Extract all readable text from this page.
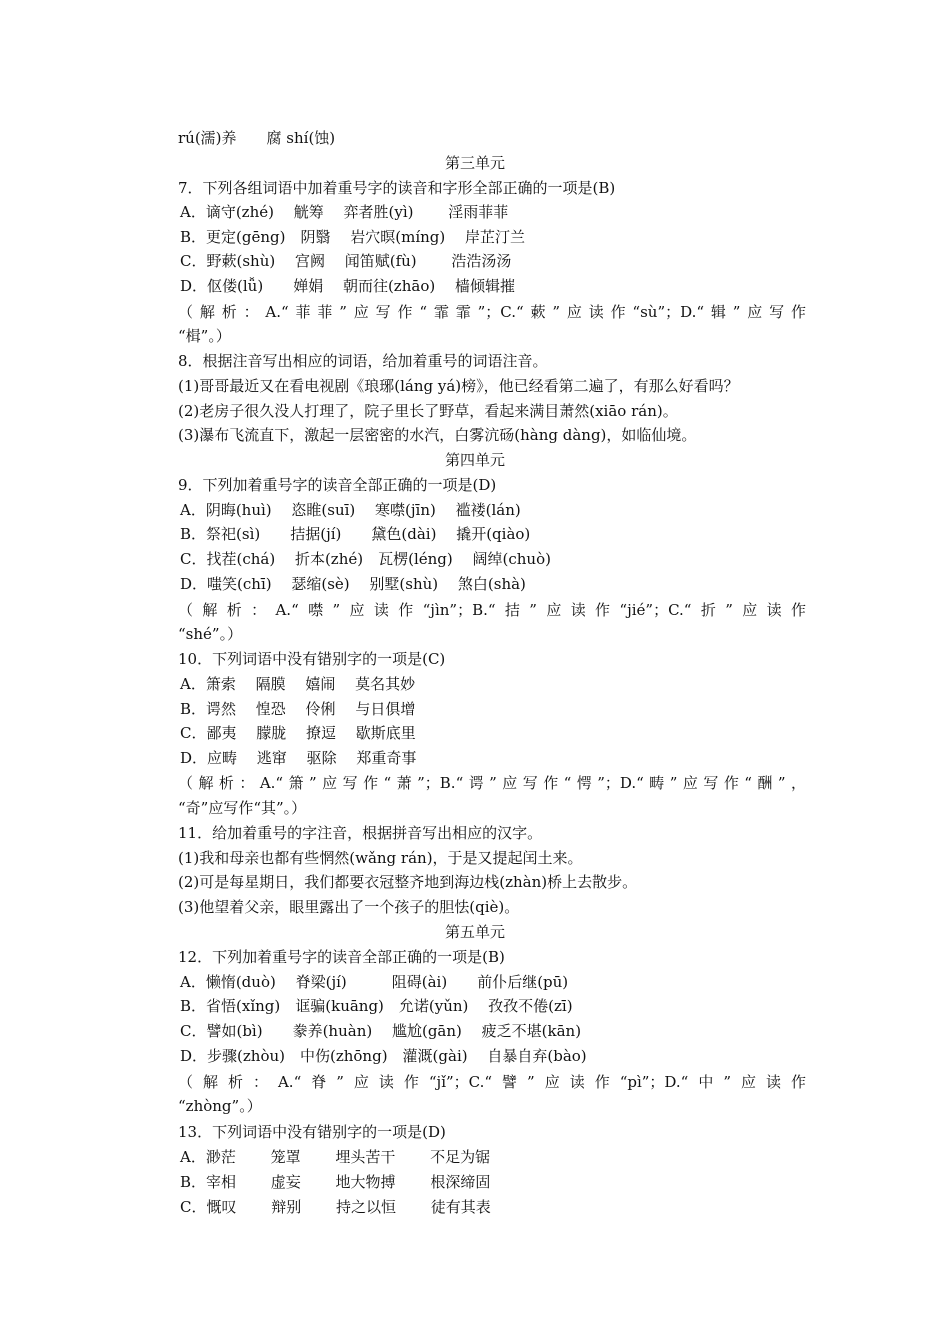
rú(濡)养　　腐 shí(蚀)
第三单元
7．下列各组词语中加着重号字的读音和字形全部正确的一项是(B)
A．谪守(zhé)　 觥筹　 弈者胜(yì)　　 淫雨菲菲
B．更定(gēng)　阴翳　 岩穴暝(míng)　 岸芷汀兰
C．野蔌(shù)　 宫阙　 闻笛赋(fù)　　 浩浩汤汤
D．伛偻(lǚ)　　婵娟　 朝而往(zhāo)　 樯倾辑摧
（解析：A.“菲菲”应写作“霏霏”；C.“蔌”应读作“sù”；D.“辑”应写作
“楫”。）
8．根据注音写出相应的词语，给加着重号的词语注音。
(1)哥哥最近又在看电视剧《琅琊(láng yá)榜》，他已经看第二遍了，有那么好看吗？
(2)老房子很久没人打理了，院子里长了野草，看起来满目萧然(xiāo rán)。
(3)瀑布飞流直下，激起一层密密的水汽，白雾沆砀(hàng dàng)，如临仙境。
第四单元
9．下列加着重号字的读音全部正确的一项是(D)
A．阴晦(huì)　 恣睢(suī)　 寒噤(jīn)　 褴褛(lán)
B．祭祀(sì)　　拮据(jí)　　黛色(dài)　 撬开(qiào)
C．找茬(chá)　 折本(zhé)　瓦楞(léng)　 阔绰(chuò)
D．嗤笑(chī)　 瑟缩(sè)　 别墅(shù)　 煞白(shà)
（解析：A.“噤”应读作“jìn”；B.“拮”应读作“jié”；C.“折”应读作
“shé”。）
10．下列词语中没有错别字的一项是(C)
A．箫索　 隔膜　 嬉闹　 莫名其妙
B．谔然　 惶恐　 伶俐　 与日俱增
C．鄙夷　 朦胧　 撩逗　 歇斯底里
D．应畴　 逃窜　 驱除　 郑重奇事
（解析：A.“箫”应写作“萧”；B.“谔”应写作“愕”；D.“畴”应写作“酬”，
“奇”应写作“其”。）
11．给加着重号的字注音，根据拼音写出相应的汉字。
(1)我和母亲也都有些惘然(wǎng rán)，于是又提起闰土来。
(2)可是每星期日，我们都要衣冠整齐地到海边栈(zhàn)桥上去散步。
(3)他望着父亲，眼里露出了一个孩子的胆怯(qiè)。
第五单元
12．下列加着重号字的读音全部正确的一项是(B)
A．懒惰(duò)　 脊梁(jí)　　　阻碍(ài)　　前仆后继(pū)
B．省悟(xǐng)　诓骗(kuāng)　允诺(yǔn)　 孜孜不倦(zī)
C．譬如(bì)　　豢养(huàn)　 尴尬(gān)　 疲乏不堪(kān)
D．步骤(zhòu)　中伤(zhōng)　灌溉(gài)　 自暴自弃(bào)
（解析：A.“脊”应读作“jǐ”；C.“譬”应读作“pì”；D.“中”应读作
“zhòng”。）
13．下列词语中没有错别字的一项是(D)
A．渺茫　　 笼罩　　 埋头苦干　　 不足为锯
B．宰相　　 虚妄　　 地大物搏　　 根深缔固
C．慨叹　　 辩别　　 持之以恒　　 徒有其表
